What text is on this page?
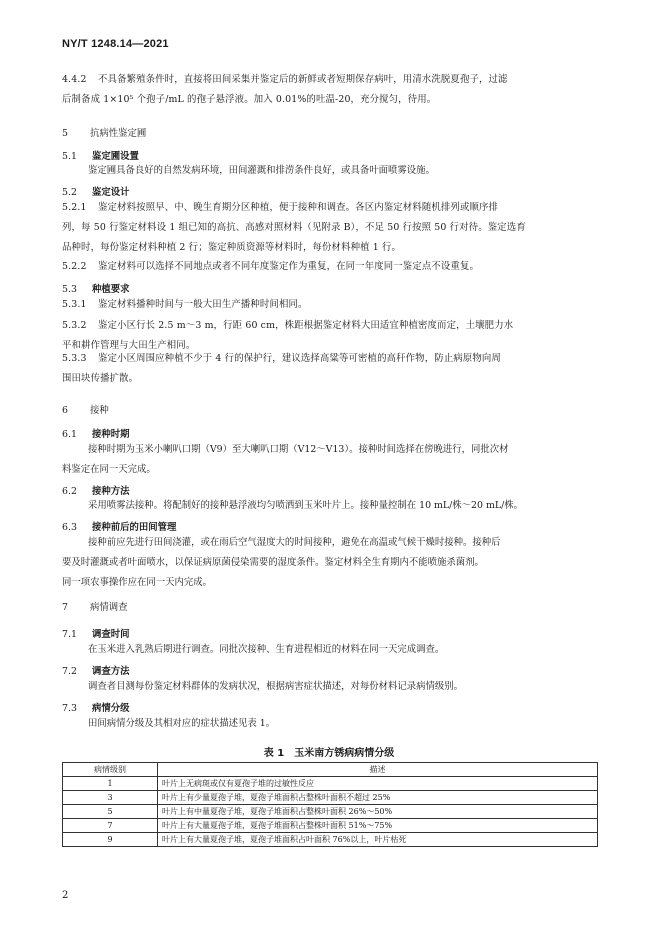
NY/T 1248.14—2021
4.4.2 不具备繁殖条件时，直接将田间采集并鉴定后的新鲜或者短期保存病叶，用清水洗脱夏孢子，过滤
后制备成 1×10⁵ 个孢子/mL 的孢子悬浮液。加入 0.01%的吐温-20，充分搅匀，待用。
5 抗病性鉴定圃
5.1 鉴定圃设置
鉴定圃具备良好的自然发病环境，田间灌溉和排涝条件良好，或具备叶面喷雾设施。
5.2 鉴定设计
5.2.1 鉴定材料按照早、中、晚生育期分区种植，便于接种和调查。各区内鉴定材料随机排列或顺序排
列，每 50 行鉴定材料设 1 组已知的高抗、高感对照材料（见附录 B），不足 50 行按照 50 行对待。鉴定选育
品种时，每份鉴定材料种植 2 行；鉴定种质资源等材料时，每份材料种植 1 行。
5.2.2 鉴定材料可以选择不同地点或者不同年度鉴定作为重复，在同一年度同一鉴定点不设重复。
5.3 种植要求
5.3.1 鉴定材料播种时间与一般大田生产播种时间相同。
5.3.2 鉴定小区行长 2.5 m～3 m，行距 60 cm，株距根据鉴定材料大田适宜种植密度而定，土壤肥力水
平和耕作管理与大田生产相同。
5.3.3 鉴定小区周围应种植不少于 4 行的保护行，建议选择高粱等可密植的高秆作物，防止病原物向周
围田块传播扩散。
6 接种
6.1 接种时期
接种时期为玉米小喇叭口期（V9）至大喇叭口期（V12～V13）。接种时间选择在傍晚进行，同批次材
料鉴定在同一天完成。
6.2 接种方法
采用喷雾法接种。将配制好的接种悬浮液均匀喷洒到玉米叶片上。接种量控制在 10 mL/株～20 mL/株。
6.3 接种前后的田间管理
接种前应先进行田间浇灌，或在雨后空气湿度大的时间接种，避免在高温或气候干燥时接种。接种后
要及时灌溉或者叶面喷水，以保证病原菌侵染需要的湿度条件。鉴定材料全生育期内不能喷施杀菌剂。
同一项农事操作应在同一天内完成。
7 病情调查
7.1 调查时间
在玉米进入乳熟后期进行调查。同批次接种、生育进程相近的材料在同一天完成调查。
7.2 调查方法
调查者目测每份鉴定材料群体的发病状况，根据病害症状描述，对每份材料记录病情级别。
7.3 病情分级
田间病情分级及其相对应的症状描述见表 1。
表 1　玉米南方锈病病情分级
病情级别	描述
1	叶片上无病斑或仅有夏孢子堆的过敏性反应
3	叶片上有少量夏孢子堆，夏孢子堆面积占整株叶面积不超过 25%
5	叶片上有中量夏孢子堆，夏孢子堆面积占整株叶面积 26%～50%
7	叶片上有大量夏孢子堆，夏孢子堆面积占整株叶面积 51%～75%
9	叶片上有大量夏孢子堆，夏孢子堆面积占叶面积 76%以上，叶片枯死
2
